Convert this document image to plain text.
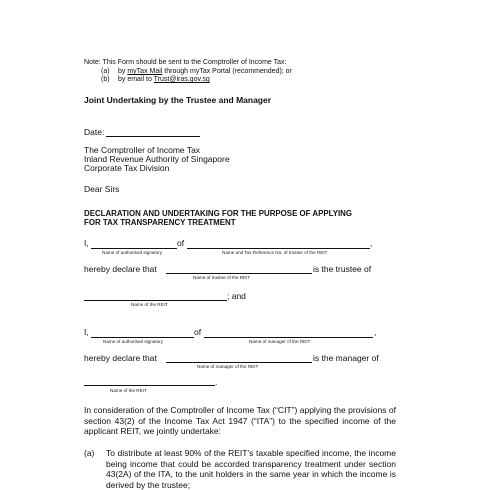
Note: This Form should be sent to the Comptroller of Income Tax:
(a) by myTax Mail through myTax Portal (recommended); or
(b) by email to Trust@iras.gov.sg
Joint Undertaking by the Trustee and Manager
Date:
The Comptroller of Income Tax
Inland Revenue Authority of Singapore
Corporate Tax Division
Dear Sirs
DECLARATION AND UNDERTAKING FOR THE PURPOSE OF APPLYING
FOR TAX TRANSPARENCY TREATMENT
I,	of	,
Name of authorised signatory	Name and Tax Reference No. of trustee of the REIT
hereby declare that	is the trustee of
Name of trustee of the REIT
; and
Name of the REIT
I,	of	,
Name of authorised signatory	Name of manager of the REIT
hereby declare that	is the manager of
Name of manager of the REIT
.
Name of the REIT
In consideration of the Comptroller of Income Tax (“CIT”) applying the provisions of section 43(2) of the Income Tax Act 1947 (“ITA”) to the specified income of the applicant REIT, we jointly undertake:
(a) To distribute at least 90% of the REIT’s taxable specified income, the income being income that could be accorded transparency treatment under section 43(2A) of the ITA, to the unit holders in the same year in which the income is derived by the trustee;
